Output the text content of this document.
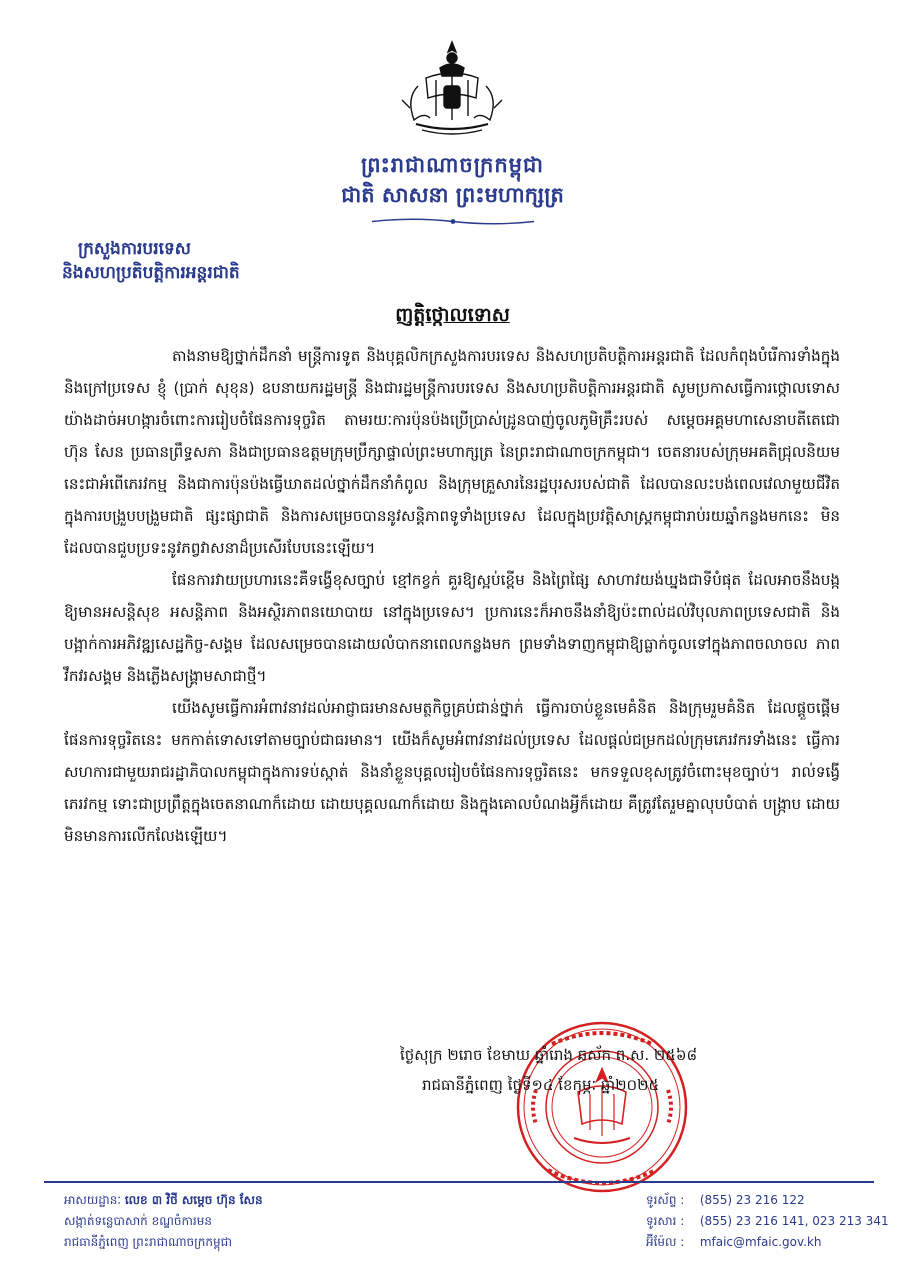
ព្រះរាជាណាចក្រកម្ពុជា
ជាតិ សាសនា ព្រះមហាក្សត្រ
ក្រសួងការបរទេស
និងសហប្រតិបត្តិការអន្តរជាតិ
ញត្តិថ្កោលទោស

តាងនាមឱ្យថ្នាក់ដឹកនាំ មន្ត្រីការទូត និងបុគ្គលិកក្រសួងការបរទេស និងសហប្រតិបត្តិការអន្តរជាតិ ដែលកំពុងបំរើការទាំងក្នុងនិងក្រៅប្រទេស ខ្ញុំ (ប្រាក់ សុខុន) ឧបនាយករដ្ឋមន្ត្រី និងជារដ្ឋមន្ត្រីការបរទេស និងសហប្រតិបត្តិការអន្តរជាតិ សូមប្រកាសធ្វើការថ្កោលទោសយ៉ាងដាច់អហង្ការចំពោះការរៀបចំផែនការទុច្ចរិត តាមរយៈការប៉ុនប៉ងប្រើប្រាស់ដ្រូនបាញ់ចូលភូមិគ្រឹះរបស់ សម្តេចអគ្គមហាសេនាបតីតេជោ ហ៊ុន សែន ប្រធានព្រឹទ្ធសភា និងជាប្រធានឧត្តមក្រុមប្រឹក្សាផ្ទាល់ព្រះមហាក្សត្រ នៃព្រះរាជាណាចក្រកម្ពុជា។ ចេតនារបស់ក្រុមអគតិជ្រុលនិយមនេះជាអំពើភេរវកម្ម និងជាការប៉ុនប៉ងធ្វើឃាតដល់ថ្នាក់ដឹកនាំកំពូល និងក្រុមគ្រួសារនៃរដ្ឋបុរសរបស់ជាតិ ដែលបានលះបង់ពេលវេលាមួយជីវិត ក្នុងការបង្រួបបង្រួមជាតិ ផ្សះផ្សាជាតិ និងការសម្រេចបាននូវសន្តិភាពទូទាំងប្រទេស ដែលក្នុងប្រវត្តិសាស្ត្រកម្ពុជារាប់រយឆ្នាំកន្លងមកនេះ មិនដែលបានជួបប្រទះនូវភព្វវាសនាដ៏ប្រសើរបែបនេះឡើយ។

ផែនការវាយប្រហារនេះគឺទង្វើខុសច្បាប់ ខ្មៅកខ្វក់ គួរឱ្យស្អប់ខ្ពើម និងព្រៃផ្សៃ សាហាវយង់ឃ្នងជាទីបំផុត ដែលអាចនឹងបង្កឱ្យមានអសន្តិសុខ អសន្តិភាព និងអស្ថិរភាពនយោបាយ នៅក្នុងប្រទេស។ ប្រការនេះក៏អាចនឹងនាំឱ្យប៉ះពាល់ដល់វិបុលភាពប្រទេសជាតិ និងបង្អាក់ការអភិវឌ្ឍសេដ្ឋកិច្ច-សង្គម ដែលសម្រេចបានដោយលំបាកនាពេលកន្លងមក ព្រមទាំងទាញកម្ពុជាឱ្យធ្លាក់ចូលទៅក្នុងភាពចលាចល ភាពវឹកវរសង្គម និងភ្លើងសង្គ្រាមសាជាថ្មី។

យើងសូមធ្វើការអំពាវនាវដល់អាជ្ញាធរមានសមត្ថកិច្ចគ្រប់ជាន់ថ្នាក់ ធ្វើការចាប់ខ្លួនមេគំនិត និងក្រុមរួមគំនិត ដែលផ្តួចផ្តើមផែនការទុច្ចរិតនេះ មកកាត់ទោសទៅតាមច្បាប់ជាធរមាន។ យើងក៏សូមអំពាវនាវដល់ប្រទេស ដែលផ្តល់ជម្រកដល់ក្រុមភេរវករទាំងនេះ ធ្វើការសហការជាមួយរាជរដ្ឋាភិបាលកម្ពុជាក្នុងការទប់ស្កាត់ និងនាំខ្លួនបុគ្គលរៀបចំផែនការទុច្ចរិតនេះ មកទទួលខុសត្រូវចំពោះមុខច្បាប់។ រាល់ទង្វើភេរវកម្ម ទោះជាប្រព្រឹត្តក្នុងចេតនាណាក៏ដោយ ដោយបុគ្គលណាក៏ដោយ និងក្នុងគោលបំណងអ្វីក៏ដោយ គឺត្រូវតែរួមគ្នាលុបបំបាត់ បង្ក្រាប ដោយមិនមានការលើកលែងឡើយ។

ថ្ងៃសុក្រ ២រោច ខែមាឃ ឆ្នាំរោង ឆស័ក ព.ស. ២៥៦៨
រាជធានីភ្នំពេញ ថ្ងៃទី១៤ ខែកុម្ភៈ ឆ្នាំ២០២៥
អាសយដ្ឋានៈ លេខ ៣ វិថី សម្តេច ហ៊ុន សែន
សង្កាត់ទន្លេបាសាក់ ខណ្ឌចំការមន
រាជធានីភ្នំពេញ ព្រះរាជាណាចក្រកម្ពុជា
ទូរស័ព្ទ : (855) 23 216 122
ទូរសារ : (855) 23 216 141, 023 213 341
អ៊ីម៉ែល : mfaic@mfaic.gov.kh
